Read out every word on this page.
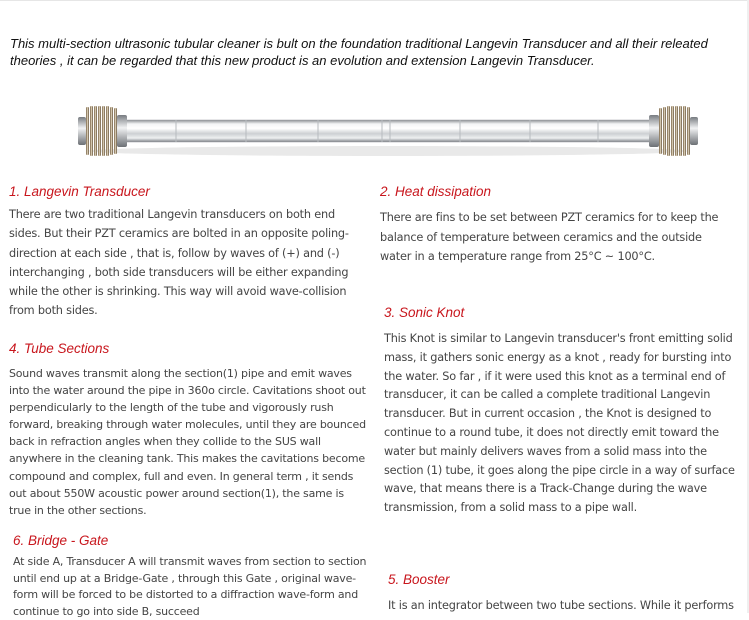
This multi-section ultrasonic tubular cleaner is bult on the foundation traditional Langevin Transducer and all their releated theories , it can be regarded that this new product is an evolution and extension Langevin Transducer.

1. Langevin Transducer

There are two traditional Langevin transducers on both end sides. But their PZT ceramics are bolted in an opposite poling-direction at each side , that is, follow by waves of (+) and (-) interchanging , both side transducers will be either expanding while the other is shrinking. This way will avoid wave-collision from both sides.

2. Heat dissipation

There are fins to be set between PZT ceramics for to keep the balance of temperature between ceramics and the outside water in a temperature range from 25°C ~ 100°C.

3. Sonic Knot

This Knot is similar to Langevin transducer's front emitting solid mass, it gathers sonic energy as a knot , ready for bursting into the water. So far , if it were used this knot as a terminal end of transducer, it can be called a complete traditional Langevin transducer. But in current occasion , the Knot is designed to continue to a round tube, it does not directly emit toward the water but mainly delivers waves from a solid mass into the section (1) tube, it goes along the pipe circle in a way of surface wave, that means there is a Track-Change during the wave transmission, from a solid mass to a pipe wall.

4. Tube Sections

Sound waves transmit along the section(1) pipe and emit waves into the water around the pipe in 360o circle. Cavitations shoot out perpendicularly to the length of the tube and vigorously rush forward, breaking through water molecules, until they are bounced back in refraction angles when they collide to the SUS wall anywhere in the cleaning tank. This makes the cavitations become compound and complex, full and even. In general term , it sends out about 550W acoustic power around section(1), the same is true in the other sections.

6. Bridge - Gate

At side A, Transducer A will transmit waves from section to section until end up at a Bridge-Gate , through this Gate , original wave-form will be forced to be distorted to a diffraction wave-form and continue to go into side B, succeed

5. Booster

It is an integrator between two tube sections. While it performs
